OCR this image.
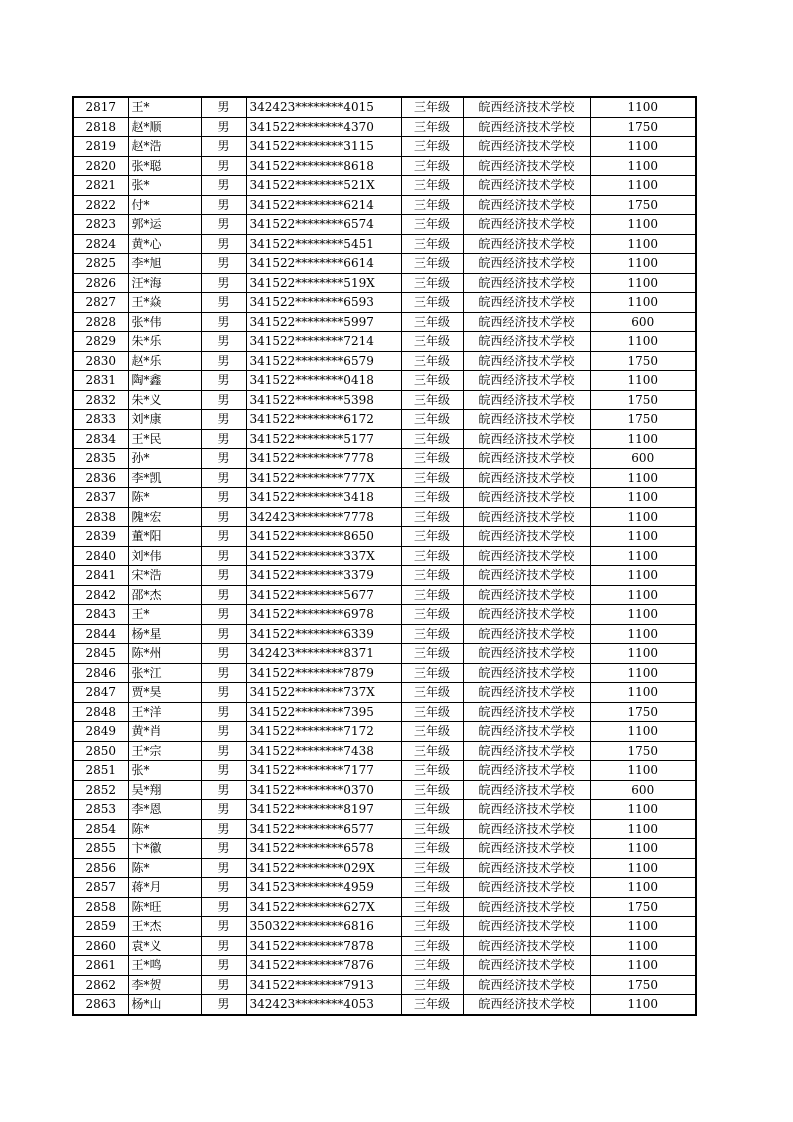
2817	王*	男	342423********4015	三年级	皖西经济技术学校	1100
2818	赵*顺	男	341522********4370	三年级	皖西经济技术学校	1750
2819	赵*浩	男	341522********3115	三年级	皖西经济技术学校	1100
2820	张*聪	男	341522********8618	三年级	皖西经济技术学校	1100
2821	张*	男	341522********521X	三年级	皖西经济技术学校	1100
2822	付*	男	341522********6214	三年级	皖西经济技术学校	1750
2823	郭*运	男	341522********6574	三年级	皖西经济技术学校	1100
2824	黄*心	男	341522********5451	三年级	皖西经济技术学校	1100
2825	李*旭	男	341522********6614	三年级	皖西经济技术学校	1100
2826	汪*海	男	341522********519X	三年级	皖西经济技术学校	1100
2827	王*焱	男	341522********6593	三年级	皖西经济技术学校	1100
2828	张*伟	男	341522********5997	三年级	皖西经济技术学校	600
2829	朱*乐	男	341522********7214	三年级	皖西经济技术学校	1100
2830	赵*乐	男	341522********6579	三年级	皖西经济技术学校	1750
2831	陶*鑫	男	341522********0418	三年级	皖西经济技术学校	1100
2832	朱*义	男	341522********5398	三年级	皖西经济技术学校	1750
2833	刘*康	男	341522********6172	三年级	皖西经济技术学校	1750
2834	王*民	男	341522********5177	三年级	皖西经济技术学校	1100
2835	孙*	男	341522********7778	三年级	皖西经济技术学校	600
2836	李*凯	男	341522********777X	三年级	皖西经济技术学校	1100
2837	陈*	男	341522********3418	三年级	皖西经济技术学校	1100
2838	隗*宏	男	342423********7778	三年级	皖西经济技术学校	1100
2839	董*阳	男	341522********8650	三年级	皖西经济技术学校	1100
2840	刘*伟	男	341522********337X	三年级	皖西经济技术学校	1100
2841	宋*浩	男	341522********3379	三年级	皖西经济技术学校	1100
2842	邵*杰	男	341522********5677	三年级	皖西经济技术学校	1100
2843	王*	男	341522********6978	三年级	皖西经济技术学校	1100
2844	杨*星	男	341522********6339	三年级	皖西经济技术学校	1100
2845	陈*州	男	342423********8371	三年级	皖西经济技术学校	1100
2846	张*江	男	341522********7879	三年级	皖西经济技术学校	1100
2847	贾*昊	男	341522********737X	三年级	皖西经济技术学校	1100
2848	王*洋	男	341522********7395	三年级	皖西经济技术学校	1750
2849	黄*肖	男	341522********7172	三年级	皖西经济技术学校	1100
2850	王*宗	男	341522********7438	三年级	皖西经济技术学校	1750
2851	张*	男	341522********7177	三年级	皖西经济技术学校	1100
2852	吴*翔	男	341522********0370	三年级	皖西经济技术学校	600
2853	李*恩	男	341522********8197	三年级	皖西经济技术学校	1100
2854	陈*	男	341522********6577	三年级	皖西经济技术学校	1100
2855	卞*徽	男	341522********6578	三年级	皖西经济技术学校	1100
2856	陈*	男	341522********029X	三年级	皖西经济技术学校	1100
2857	蒋*月	男	341523********4959	三年级	皖西经济技术学校	1100
2858	陈*旺	男	341522********627X	三年级	皖西经济技术学校	1750
2859	王*杰	男	350322********6816	三年级	皖西经济技术学校	1100
2860	袁*义	男	341522********7878	三年级	皖西经济技术学校	1100
2861	王*鸣	男	341522********7876	三年级	皖西经济技术学校	1100
2862	李*贺	男	341522********7913	三年级	皖西经济技术学校	1750
2863	杨*山	男	342423********4053	三年级	皖西经济技术学校	1100
